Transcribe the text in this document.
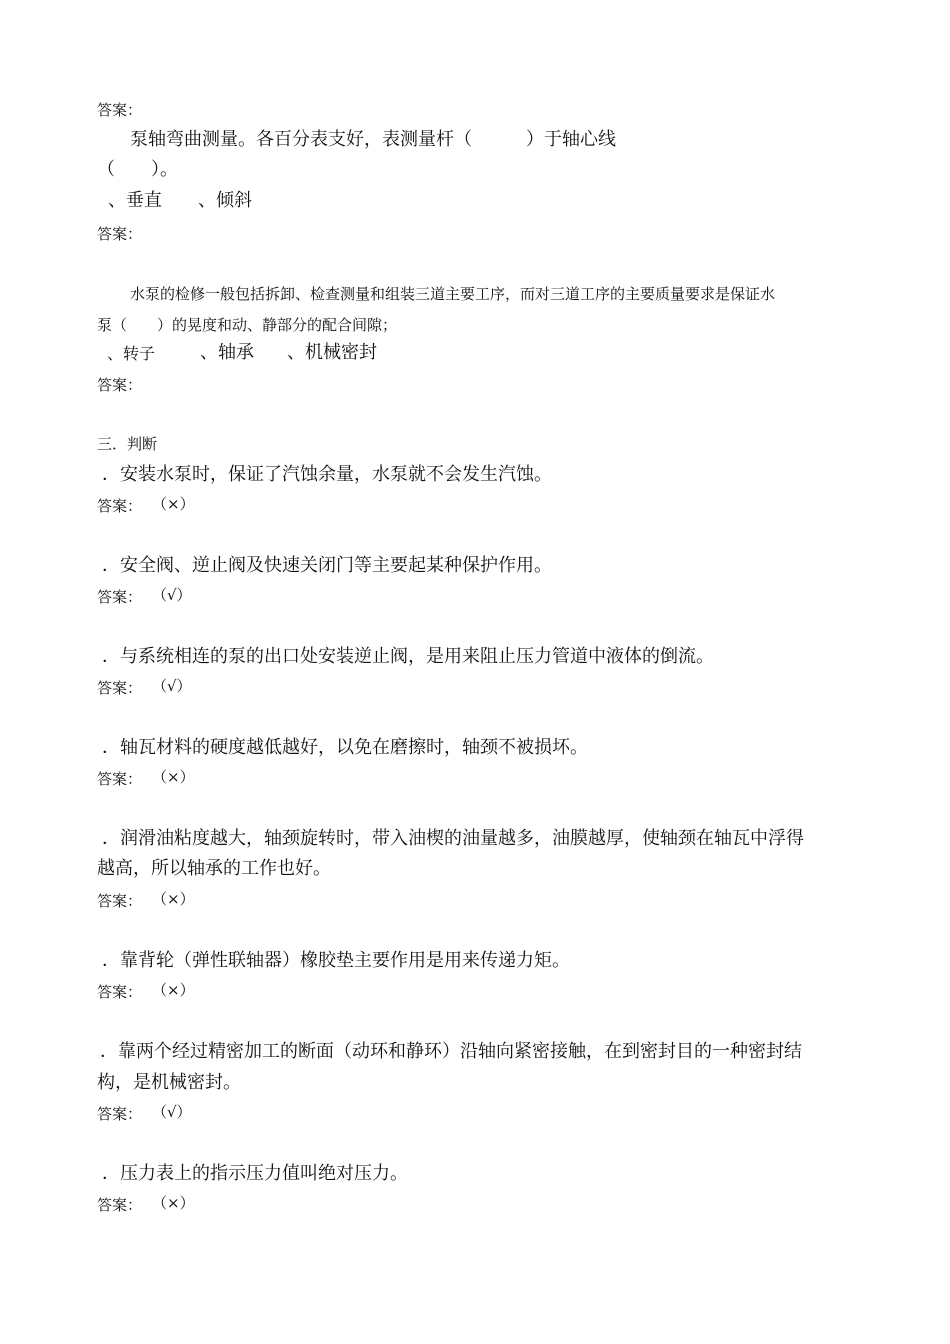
答案：
泵轴弯曲测量。各百分表支好，表测量杆（　　　）于轴心线
（　　）。
、垂直　　、倾斜
答案：
水泵的检修一般包括拆卸、检查测量和组装三道主要工序，而对三道工序的主要质量要求是保证水
泵（　　）的晃度和动、静部分的配合间隙；
、转子 、轴承 、机械密封
答案：
三．判断
．安装水泵时，保证了汽蚀余量，水泵就不会发生汽蚀。
答案： （×）
．安全阀、逆止阀及快速关闭门等主要起某种保护作用。
答案： （√）
．与系统相连的泵的出口处安装逆止阀，是用来阻止压力管道中液体的倒流。
答案： （√）
．轴瓦材料的硬度越低越好，以免在磨擦时，轴颈不被损坏。
答案： （×）
．润滑油粘度越大，轴颈旋转时，带入油楔的油量越多，油膜越厚，使轴颈在轴瓦中浮得
越高，所以轴承的工作也好。
答案： （×）
．靠背轮（弹性联轴器）橡胶垫主要作用是用来传递力矩。
答案： （×）
．靠两个经过精密加工的断面（动环和静环）沿轴向紧密接触，在到密封目的一种密封结
构，是机械密封。
答案： （√）
．压力表上的指示压力值叫绝对压力。
答案： （×）
